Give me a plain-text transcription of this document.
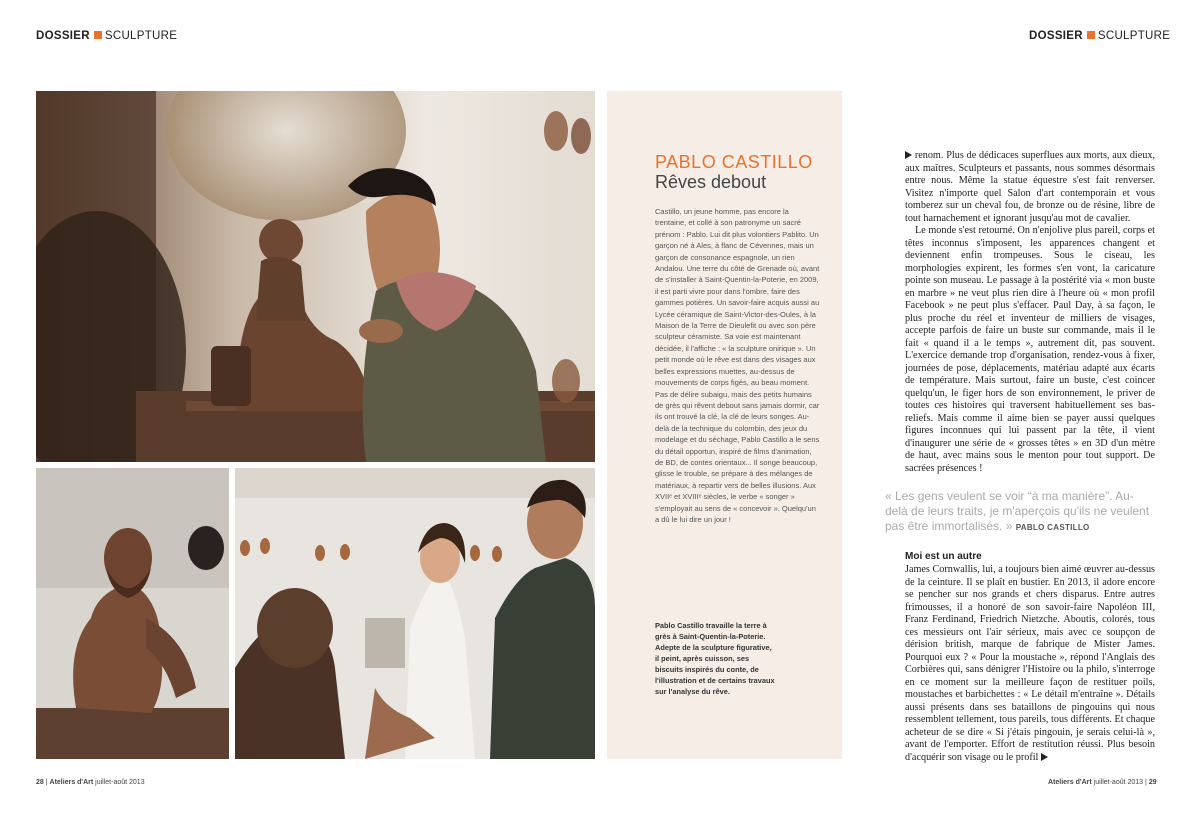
DOSSIER SCULPTURE	DOSSIER SCULPTURE
PABLO CASTILLO
Rêves debout
Castillo, un jeune homme, pas encore la trentaine, et collé à son patronyme un sacré prénom : Pablo. Lui dit plus volontiers Pablito. Un garçon né à Ales, à flanc de Cévennes, mais un garçon de consonance espagnole, un rien Andalou. Une terre du côté de Grenade où, avant de s'installer à Saint-Quentin-la-Poterie, en 2009, il est parti vivre pour dans l'ombre, faire des gammes potières. Un savoir-faire acquis aussi au Lycée céramique de Saint-Victor-des-Oules, à la Maison de la Terre de Dieulefit ou avec son père sculpteur céramiste. Sa voie est maintenant décidée, il l'affiche : « la sculpture onirique ». Un petit monde où le rêve est dans des visages aux belles expressions muettes, au-dessus de mouvements de corps figés, au beau moment. Pas de délire subaigu, mais des petits humains de grès qui rêvent debout sans jamais dormir, car ils ont trouvé la clé, la clé de leurs songes. Au-delà de la technique du colombin, des jeux du modelage et du séchage, Pablo Castillo a le sens du détail opportun, inspiré de films d'animation, de BD, de contes orientaux... Il songe beaucoup, glisse le trouble, se prépare à des mélanges de matériaux, à repartir vers de belles illusions. Aux XVIIᵉ et XVIIIᵉ siècles, le verbe « songer » s'employait au sens de « concevoir ». Quelqu'un a dû le lui dire un jour !
Pablo Castillo travaille la terre à grès à Saint-Quentin-la-Poterie. Adepte de la sculpture figurative, il peint, après cuisson, ses biscuits inspirés du conte, de l'illustration et de certains travaux sur l'analyse du rêve.

renom. Plus de dédicaces superflues aux morts, aux dieux, aux maîtres. Sculpteurs et passants, nous sommes désormais entre nous. Même la statue équestre s'est fait renverser. Visitez n'importe quel Salon d'art contemporain et vous tomberez sur un cheval fou, de bronze ou de résine, libre de tout harnachement et ignorant jusqu'au mot de cavalier.

Le monde s'est retourné. On n'enjolive plus pareil, corps et têtes inconnus s'imposent, les apparences changent et deviennent enfin trompeuses. Sous le ciseau, les morphologies expirent, les formes s'en vont, la caricature pointe son museau. Le passage à la postérité via « mon buste en marbre » ne veut plus rien dire à l'heure où « mon profil Facebook » ne peut plus s'effacer. Paul Day, à sa façon, le plus proche du réel et inventeur de milliers de visages, accepte parfois de faire un buste sur commande, mais il le fait « quand il a le temps », autrement dit, pas souvent. L'exercice demande trop d'organisation, rendez-vous à fixer, journées de pose, déplacements, matériau adapté aux écarts de température. Mais surtout, faire un buste, c'est coincer quelqu'un, le figer hors de son environnement, le priver de toutes ces histoires qui traversent habituellement ses bas-reliefs. Mais comme il aime bien se payer aussi quelques figures inconnues qui lui passent par la tête, il vient d'inaugurer une série de « grosses têtes » en 3D d'un mètre de haut, avec mains sous le menton pour tout support. De sacrées présences !

« Les gens veulent se voir “à ma manière”. Au-delà de leurs traits, je m'aperçois qu'ils ne veulent pas être immortalisés. » PABLO CASTILLO
Moi est un autre

James Cornwallis, lui, a toujours bien aimé œuvrer au-dessus de la ceinture. Il se plaît en bustier. En 2013, il adore encore se pencher sur nos grands et chers disparus. Entre autres frimousses, il a honoré de son savoir-faire Napoléon III, Franz Ferdinand, Friedrich Nietzche. Aboutis, colorés, tous ces messieurs ont l'air sérieux, mais avec ce soupçon de dérision british, marque de fabrique de Mister James. Pourquoi eux ? « Pour la moustache », répond l'Anglais des Corbières qui, sans dénigrer l'Histoire ou la philo, s'interroge en ce moment sur la meilleure façon de restituer poils, moustaches et barbichettes : « Le détail m'entraîne ». Détails aussi présents dans ses bataillons de pingouins qui nous ressemblent tellement, tous pareils, tous différents. Et chaque acheteur de se dire « Si j'étais pingouin, je serais celui-là », avant de l'emporter. Effort de restitution réussi. Plus besoin d'acquérir son visage ou le profil

28 | Ateliers d'Art juillet-août 2013	Ateliers d'Art juillet-août 2013 | 29
